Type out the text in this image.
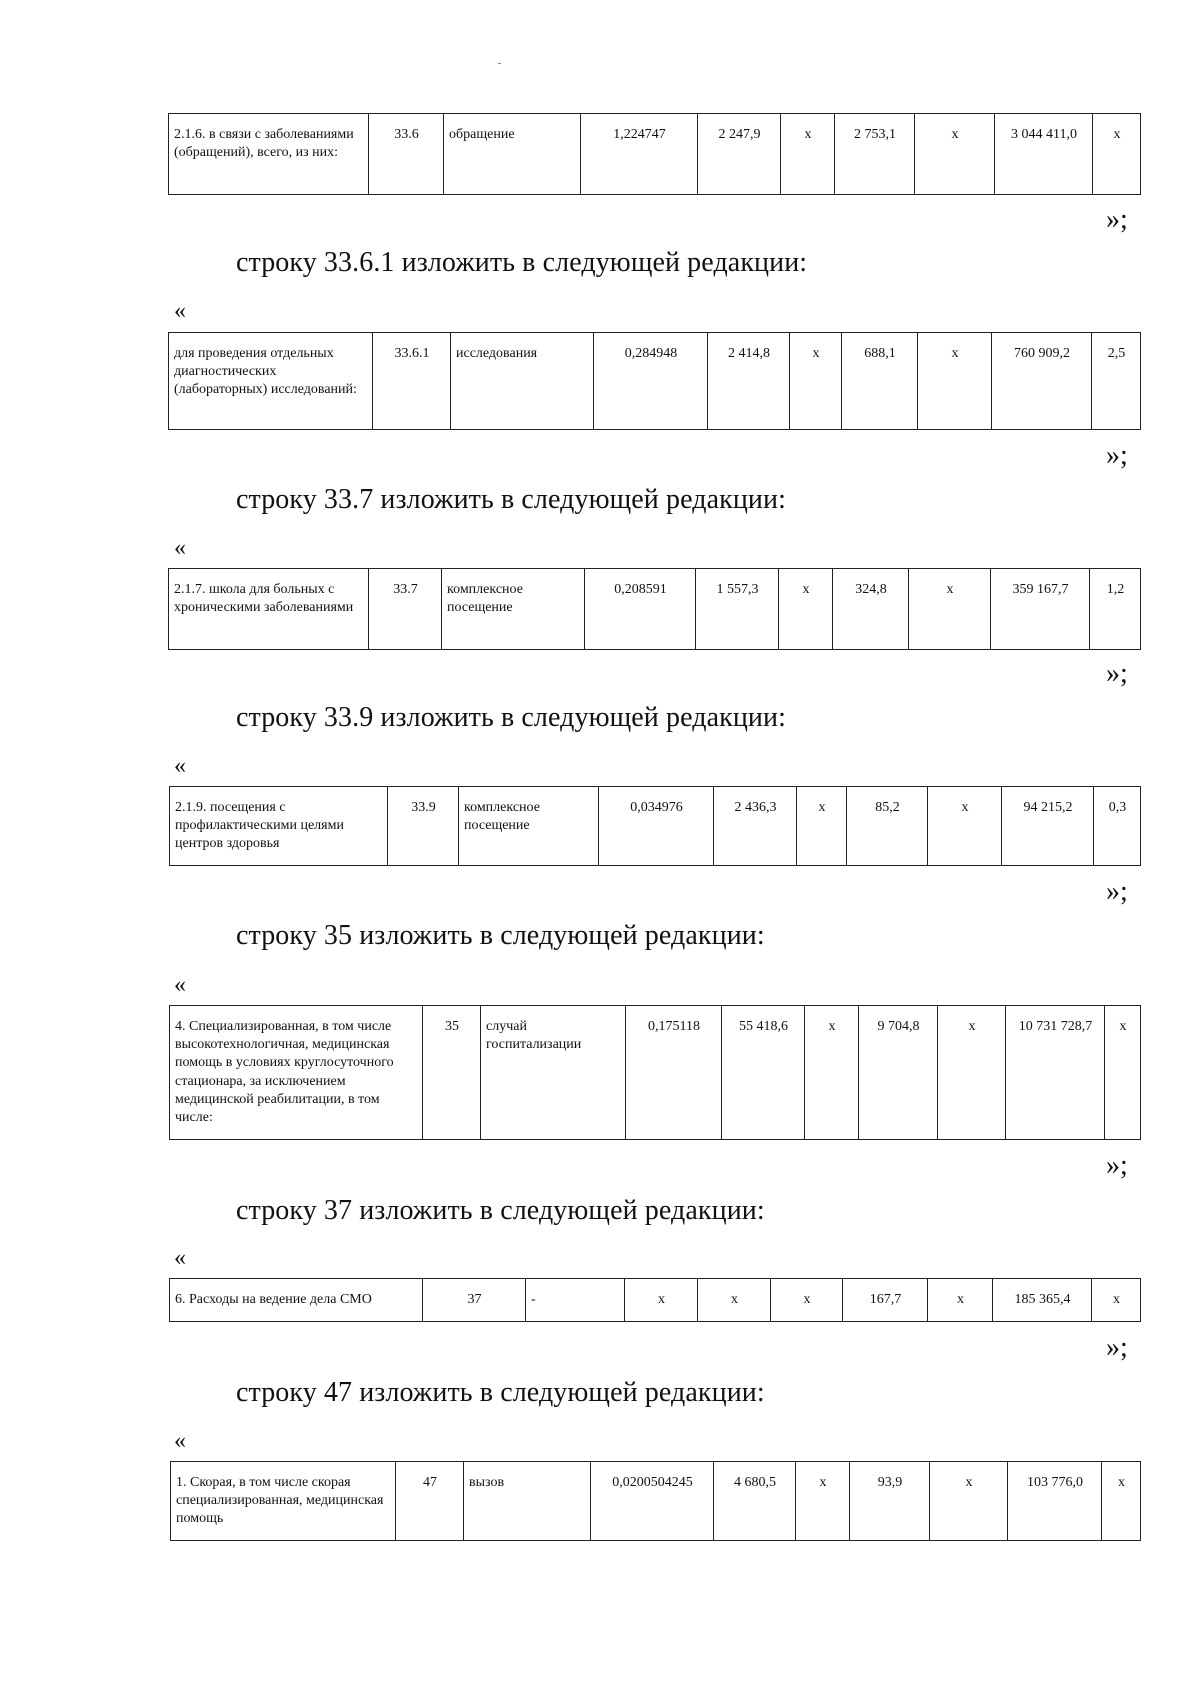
2.1.6. в связи с заболеваниями (обращений), всего, из них:	33.6	обращение	1,224747	2 247,9	х	2 753,1	х	3 044 411,0	х
»;
строку 33.6.1 изложить в следующей редакции:
«
для проведения отдельных диагностических (лабораторных) исследований:	33.6.1	исследования	0,284948	2 414,8	х	688,1	х	760 909,2	2,5
»;
строку 33.7 изложить в следующей редакции:
«
2.1.7. школа для больных с хроническими заболеваниями	33.7	комплексное посещение	0,208591	1 557,3	х	324,8	х	359 167,7	1,2
»;
строку 33.9 изложить в следующей редакции:
«
2.1.9. посещения с профилактическими целями центров здоровья	33.9	комплексное посещение	0,034976	2 436,3	х	85,2	х	94 215,2	0,3
»;
строку 35 изложить в следующей редакции:
«
4. Специализированная, в том числе высокотехнологичная, медицинская помощь в условиях круглосуточного стационара, за исключением медицинской реабилитации, в том числе:	35	случай госпитализации	0,175118	55 418,6	х	9 704,8	х	10 731 728,7	х
»;
строку 37 изложить в следующей редакции:
«
6. Расходы на ведение дела СМО	37	-	х	х	х	167,7	х	185 365,4	х
»;
строку 47 изложить в следующей редакции:
«
1. Скорая, в том числе скорая специализированная, медицинская помощь	47	вызов	0,0200504245	4 680,5	х	93,9	х	103 776,0	х
